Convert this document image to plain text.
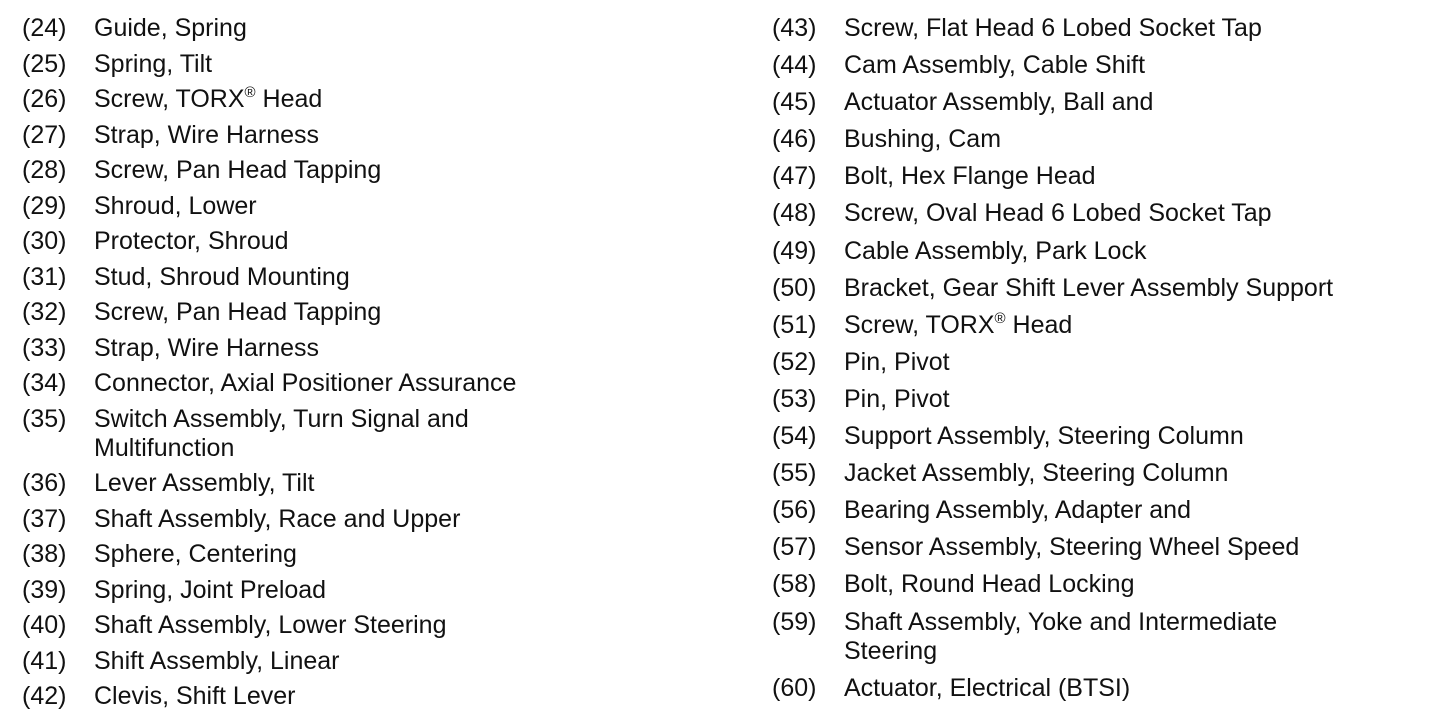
(24)	Guide, Spring
(25)	Spring, Tilt
(26)	Screw, TORX® Head
(27)	Strap, Wire Harness
(28)	Screw, Pan Head Tapping
(29)	Shroud, Lower
(30)	Protector, Shroud
(31)	Stud, Shroud Mounting
(32)	Screw, Pan Head Tapping
(33)	Strap, Wire Harness
(34)	Connector, Axial Positioner Assurance
(35)	Switch Assembly, Turn Signal and
Multifunction
(36)	Lever Assembly, Tilt
(37)	Shaft Assembly, Race and Upper
(38)	Sphere, Centering
(39)	Spring, Joint Preload
(40)	Shaft Assembly, Lower Steering
(41)	Shift Assembly, Linear
(42)	Clevis, Shift Lever
(43)	Screw, Flat Head 6 Lobed Socket Tap
(44)	Cam Assembly, Cable Shift
(45)	Actuator Assembly, Ball and
(46)	Bushing, Cam
(47)	Bolt, Hex Flange Head
(48)	Screw, Oval Head 6 Lobed Socket Tap
(49)	Cable Assembly, Park Lock
(50)	Bracket, Gear Shift Lever Assembly Support
(51)	Screw, TORX® Head
(52)	Pin, Pivot
(53)	Pin, Pivot
(54)	Support Assembly, Steering Column
(55)	Jacket Assembly, Steering Column
(56)	Bearing Assembly, Adapter and
(57)	Sensor Assembly, Steering Wheel Speed
(58)	Bolt, Round Head Locking
(59)	Shaft Assembly, Yoke and Intermediate
Steering
(60)	Actuator, Electrical (BTSI)
